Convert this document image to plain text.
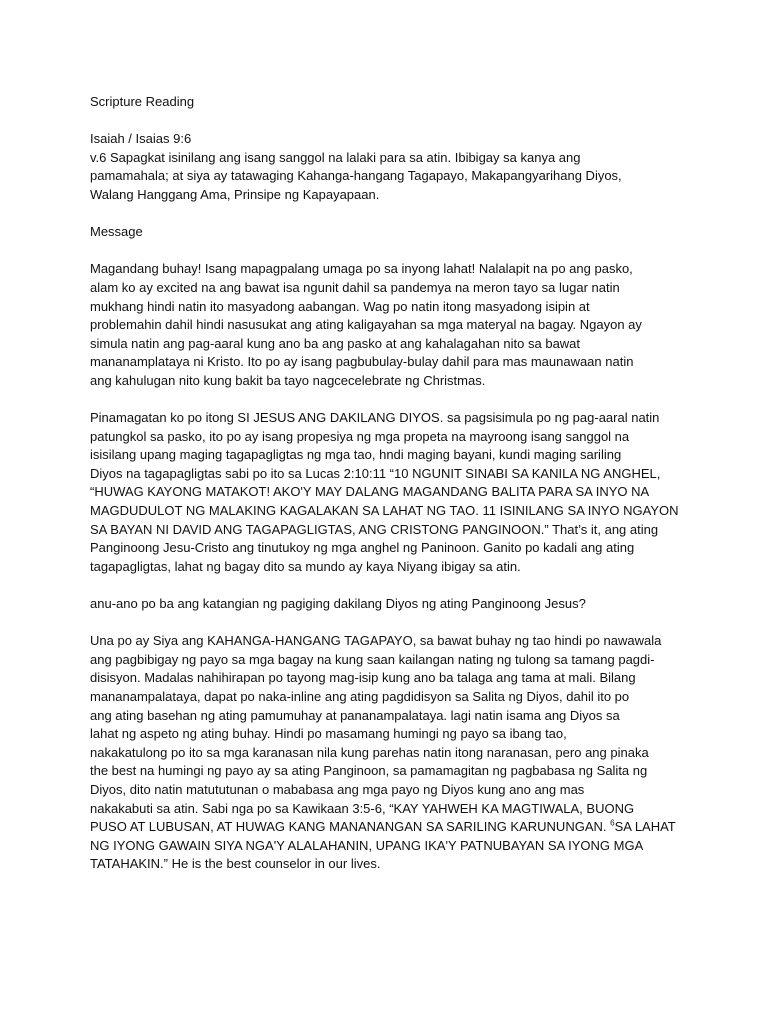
Scripture Reading
Isaiah / Isaias 9:6
v.6 Sapagkat isinilang ang isang sanggol na lalaki para sa atin. Ibibigay sa kanya ang
pamamahala; at siya ay tatawaging Kahanga-hangang Tagapayo, Makapangyarihang Diyos,
Walang Hanggang Ama, Prinsipe ng Kapayapaan.
Message
Magandang buhay! Isang mapagpalang umaga po sa inyong lahat! Nalalapit na po ang pasko,
alam ko ay excited na ang bawat isa ngunit dahil sa pandemya na meron tayo sa lugar natin
mukhang hindi natin ito masyadong aabangan. Wag po natin itong masyadong isipin at
problemahin dahil hindi nasusukat ang ating kaligayahan sa mga materyal na bagay. Ngayon ay
simula natin ang pag-aaral kung ano ba ang pasko at ang kahalagahan nito sa bawat
mananamplataya ni Kristo. Ito po ay isang pagbubulay-bulay dahil para mas maunawaan natin
ang kahulugan nito kung bakit ba tayo nagcecelebrate ng Christmas.
Pinamagatan ko po itong SI JESUS ANG DAKILANG DIYOS. sa pagsisimula po ng pag-aaral natin
patungkol sa pasko, ito po ay isang propesiya ng mga propeta na mayroong isang sanggol na
isisilang upang maging tagapagligtas ng mga tao, hndi maging bayani, kundi maging sariling
Diyos na tagapagligtas sabi po ito sa Lucas 2:10:11 “10 NGUNIT SINABI SA KANILA NG ANGHEL,
“HUWAG KAYONG MATAKOT! AKO'Y MAY DALANG MAGANDANG BALITA PARA SA INYO NA
MAGDUDULOT NG MALAKING KAGALAKAN SA LAHAT NG TAO. 11 ISINILANG SA INYO NGAYON
SA BAYAN NI DAVID ANG TAGAPAGLIGTAS, ANG CRISTONG PANGINOON.” That’s it, ang ating
Panginoong Jesu-Cristo ang tinutukoy ng mga anghel ng Paninoon. Ganito po kadali ang ating
tagapagligtas, lahat ng bagay dito sa mundo ay kaya Niyang ibigay sa atin.
anu-ano po ba ang katangian ng pagiging dakilang Diyos ng ating Panginoong Jesus?
Una po ay Siya ang KAHANGA-HANGANG TAGAPAYO, sa bawat buhay ng tao hindi po nawawala
ang pagbibigay ng payo sa mga bagay na kung saan kailangan nating ng tulong sa tamang pagdi-
disisyon. Madalas nahihirapan po tayong mag-isip kung ano ba talaga ang tama at mali. Bilang
mananampalataya, dapat po naka-inline ang ating pagdidisyon sa Salita ng Diyos, dahil ito po
ang ating basehan ng ating pamumuhay at pananampalataya. lagi natin isama ang Diyos sa
lahat ng aspeto ng ating buhay. Hindi po masamang humingi ng payo sa ibang tao,
nakakatulong po ito sa mga karanasan nila kung parehas natin itong naranasan, pero ang pinaka
the best na humingi ng payo ay sa ating Panginoon, sa pamamagitan ng pagbabasa ng Salita ng
Diyos, dito natin matututunan o mababasa ang mga payo ng Diyos kung ano ang mas
nakakabuti sa atin. Sabi nga po sa Kawikaan 3:5-6, “KAY YAHWEH KA MAGTIWALA, BUONG
PUSO AT LUBUSAN, AT HUWAG KANG MANANANGAN SA SARILING KARUNUNGAN. $^6$SA LAHAT
NG IYONG GAWAIN SIYA NGA'Y ALALAHANIN, UPANG IKA'Y PATNUBAYAN SA IYONG MGA
TATAHAKIN.” He is the best counselor in our lives.
